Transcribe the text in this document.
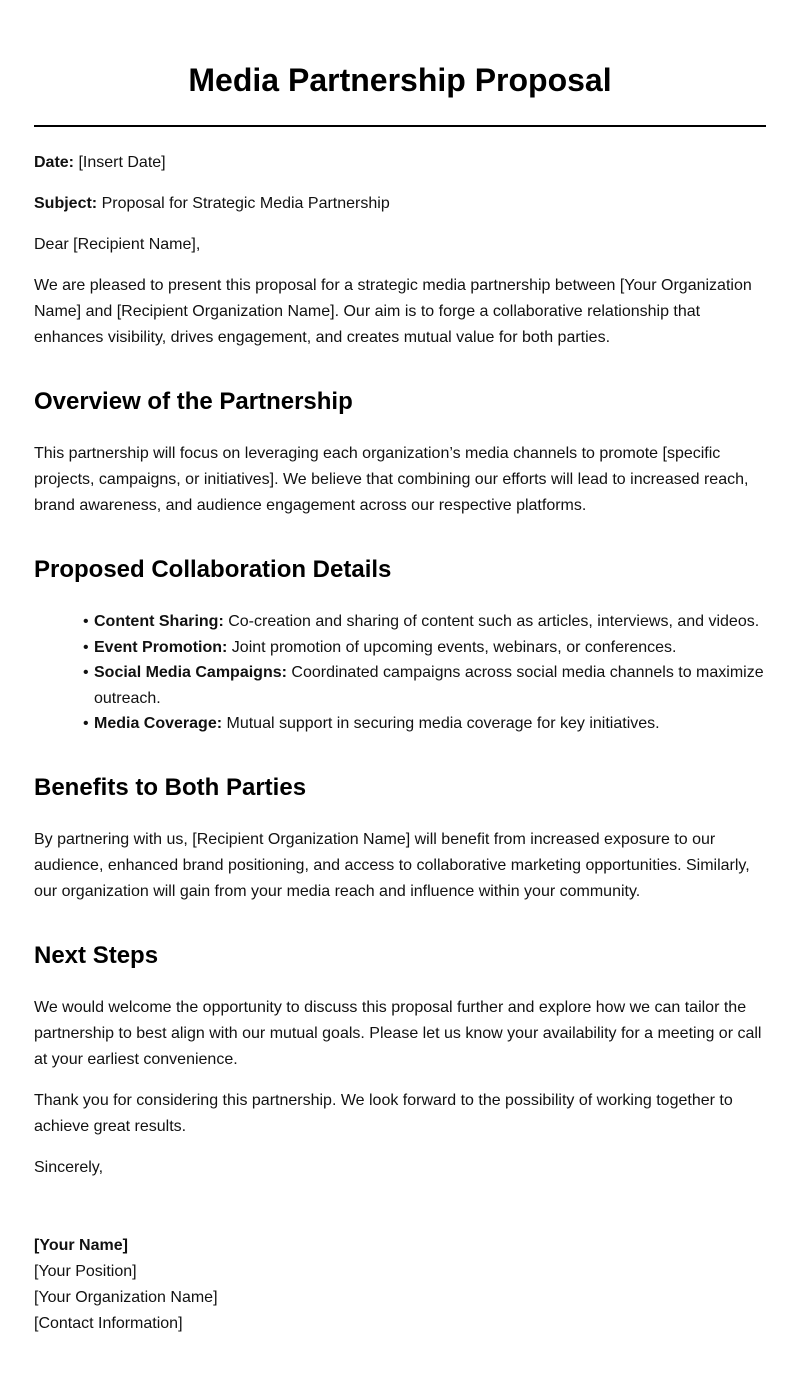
Media Partnership Proposal

Date: [Insert Date]

Subject: Proposal for Strategic Media Partnership

Dear [Recipient Name],

We are pleased to present this proposal for a strategic media partnership between [Your Organization Name] and [Recipient Organization Name]. Our aim is to forge a collaborative relationship that enhances visibility, drives engagement, and creates mutual value for both parties.

Overview of the Partnership

This partnership will focus on leveraging each organization’s media channels to promote [specific projects, campaigns, or initiatives]. We believe that combining our efforts will lead to increased reach, brand awareness, and audience engagement across our respective platforms.

Proposed Collaboration Details
• Content Sharing: Co-creation and sharing of content such as articles, interviews, and videos.
• Event Promotion: Joint promotion of upcoming events, webinars, or conferences.
• Social Media Campaigns: Coordinated campaigns across social media channels to maximize outreach.
• Media Coverage: Mutual support in securing media coverage for key initiatives.
Benefits to Both Parties

By partnering with us, [Recipient Organization Name] will benefit from increased exposure to our audience, enhanced brand positioning, and access to collaborative marketing opportunities. Similarly, our organization will gain from your media reach and influence within your community.

Next Steps

We would welcome the opportunity to discuss this proposal further and explore how we can tailor the partnership to best align with our mutual goals. Please let us know your availability for a meeting or call at your earliest convenience.

Thank you for considering this partnership. We look forward to the possibility of working together to achieve great results.

Sincerely,

[Your Name]
[Your Position]
[Your Organization Name]
[Contact Information]
